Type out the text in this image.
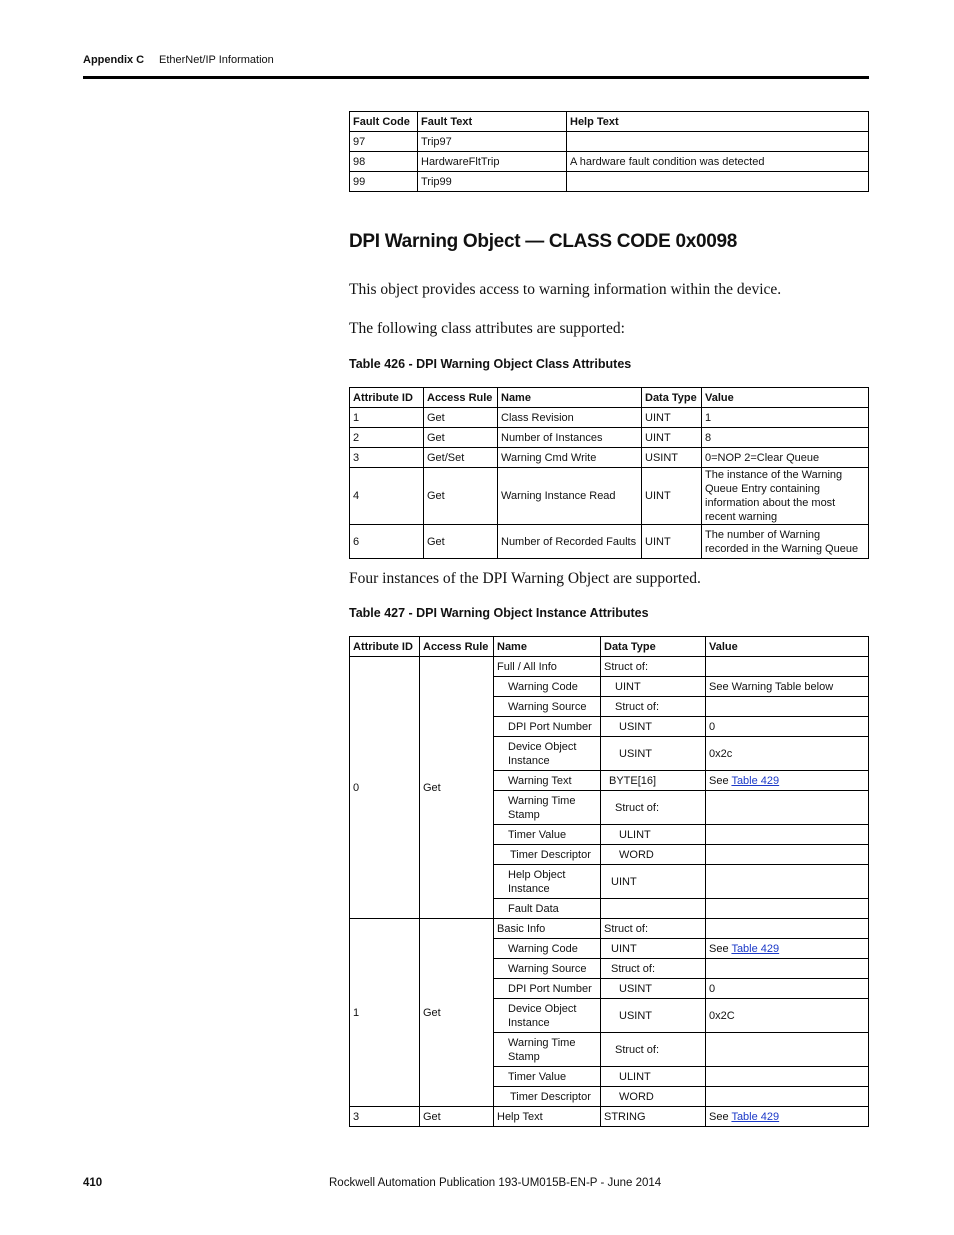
Appendix C EtherNet/IP Information
Fault Code	Fault Text	Help Text
97	Trip97	
98	HardwareFltTrip	A hardware fault condition was detected
99	Trip99	
DPI Warning Object — CLASS CODE 0x0098

This object provides access to warning information within the device.

The following class attributes are supported:

Table 426 - DPI Warning Object Class Attributes

Attribute ID	Access Rule	Name	Data Type	Value
1	Get	Class Revision	UINT	1
2	Get	Number of Instances	UINT	8
3	Get/Set	Warning Cmd Write	USINT	0=NOP 2=Clear Queue
4	Get	Warning Instance Read	UINT	The instance of the Warning Queue Entry containing information about the most recent warning
6	Get	Number of Recorded Faults	UINT	The number of Warning recorded in the Warning Queue

Four instances of the DPI Warning Object are supported.

Table 427 - DPI Warning Object Instance Attributes

Attribute ID	Access Rule	Name	Data Type	Value
0	Get	Full / All Info	Struct of:	
		Warning Code	UINT	See Warning Table below
		Warning Source	Struct of:	
		DPI Port Number	USINT	0
		Device Object Instance	USINT	0x2c
		Warning Text	BYTE[16]	See Table 429
		Warning Time Stamp	Struct of:	
		Timer Value	ULINT	
		Timer Descriptor	WORD	
		Help Object Instance	UINT	
		Fault Data		
1	Get	Basic Info	Struct of:	
		Warning Code	UINT	See Table 429
		Warning Source	Struct of:	
		DPI Port Number	USINT	0
		Device Object Instance	USINT	0x2C
		Warning Time Stamp	Struct of:	
		Timer Value	ULINT	
		Timer Descriptor	WORD	
3	Get	Help Text	STRING	See Table 429
410	Rockwell Automation Publication 193-UM015B-EN-P - June 2014
